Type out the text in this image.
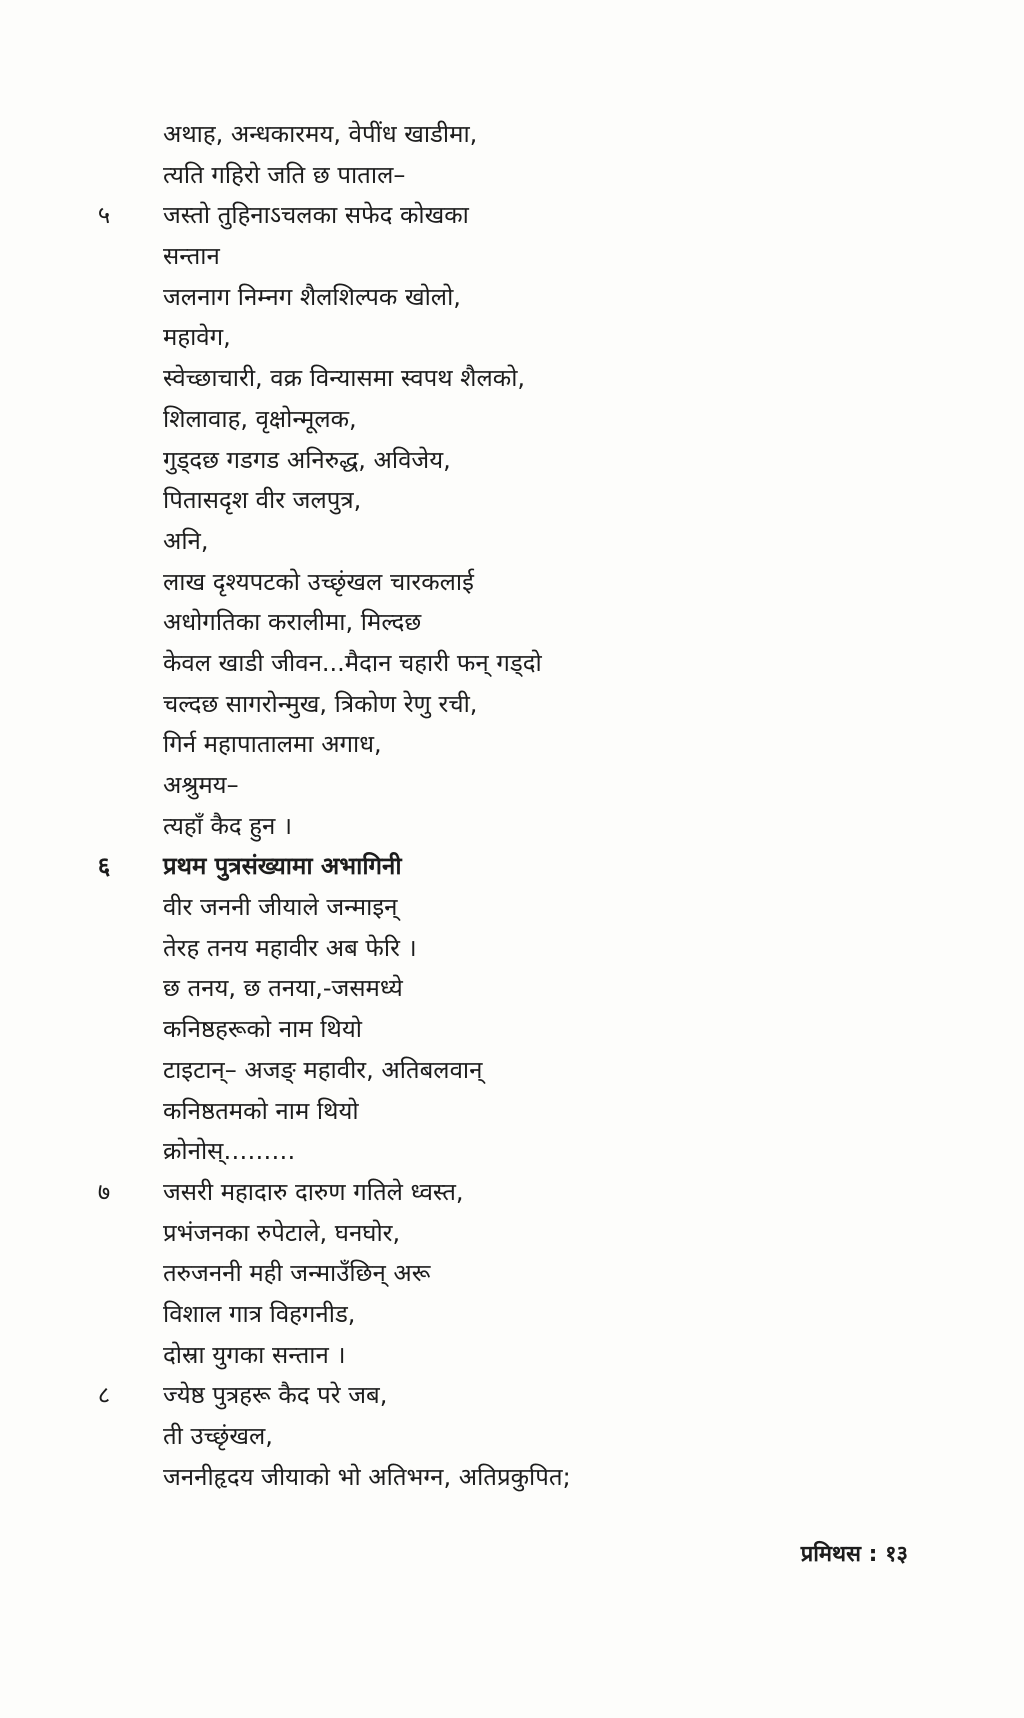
अथाह, अन्धकारमय, वेपींध खाडीमा,
त्यति गहिरो जति छ पाताल–
५	जस्तो तुहिनाऽचलका सफेद कोखका
सन्तान
जलनाग निम्नग शैलशिल्पक खोलो,
महावेग,
स्वेच्छाचारी, वक्र विन्यासमा स्वपथ शैलको,
शिलावाह, वृक्षोन्मूलक,
गुड्दछ गडगड अनिरुद्ध, अविजेय,
पितासदृश वीर जलपुत्र,
अनि,
लाख दृश्यपटको उच्छृंखल चारकलाई
अधोगतिका करालीमा, मिल्दछ
केवल खाडी जीवन...मैदान चहारी फन् गड्दो
चल्दछ सागरोन्मुख, त्रिकोण रेणु रची,
गिर्न महापातालमा अगाध,
अश्रुमय–
त्यहाँ कैद हुन ।
६	प्रथम पुत्रसंख्यामा अभागिनी
वीर जननी जीयाले जन्माइन्
तेरह तनय महावीर अब फेरि ।
छ तनय, छ तनया,-जसमध्ये
कनिष्ठहरूको नाम थियो
टाइटान्– अजङ्‌ महावीर, अतिबलवान्
कनिष्ठतमको नाम थियो
क्रोनोस्………
७	जसरी महादारु दारुण गतिले ध्वस्त,
प्रभंजनका रुपेटाले, घनघोर,
तरुजननी मही जन्माउँछिन् अरू
विशाल गात्र विहगनीड,
दोस्रा युगका सन्तान ।
८	ज्येष्ठ पुत्रहरू कैद परे जब,
ती उच्छृंखल,
जननीहृदय जीयाको भो अतिभग्न, अतिप्रकुपित;
प्रमिथस : १३
